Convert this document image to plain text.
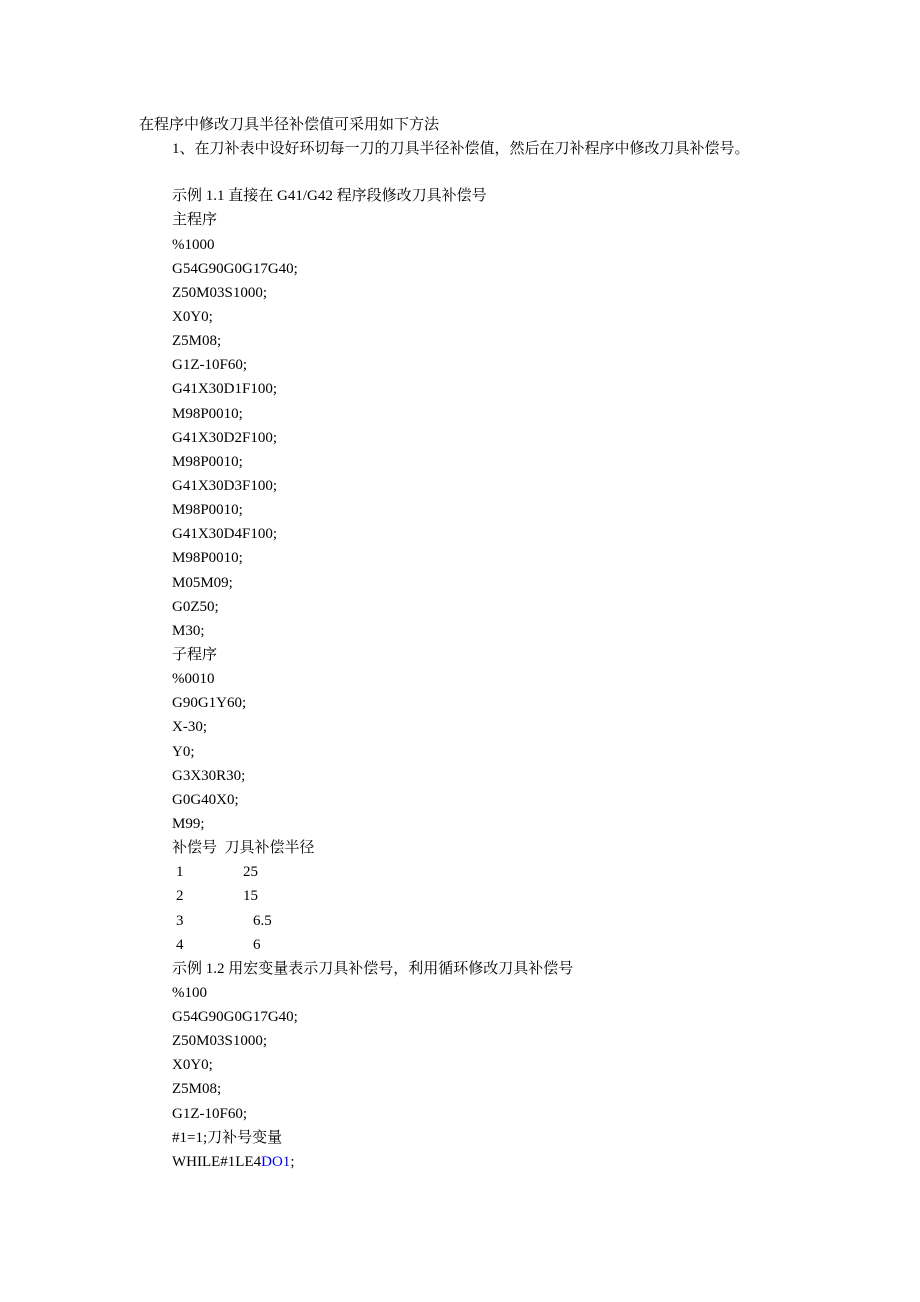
在程序中修改刀具半径补偿值可采用如下方法
1、在刀补表中设好环切每一刀的刀具半径补偿值，然后在刀补程序中修改刀具补偿号。
示例 1.1 直接在 G41/G42 程序段修改刀具补偿号
主程序
%1000
G54G90G0G17G40;
Z50M03S1000;
X0Y0;
Z5M08;
G1Z-10F60;
G41X30D1F100;
M98P0010;
G41X30D2F100;
M98P0010;
G41X30D3F100;
M98P0010;
G41X30D4F100;
M98P0010;
M05M09;
G0Z50;
M30;
子程序
%0010
G90G1Y60;
X-30;
Y0;
G3X30R30;
G0G40X0;
M99;
补偿号  刀具补偿半径
1	25
2	15
3	6.5
4	6
示例 1.2 用宏变量表示刀具补偿号，利用循环修改刀具补偿号
%100
G54G90G0G17G40;
Z50M03S1000;
X0Y0;
Z5M08;
G1Z-10F60;
#1=1;刀补号变量
WHILE#1LE4DO1;
